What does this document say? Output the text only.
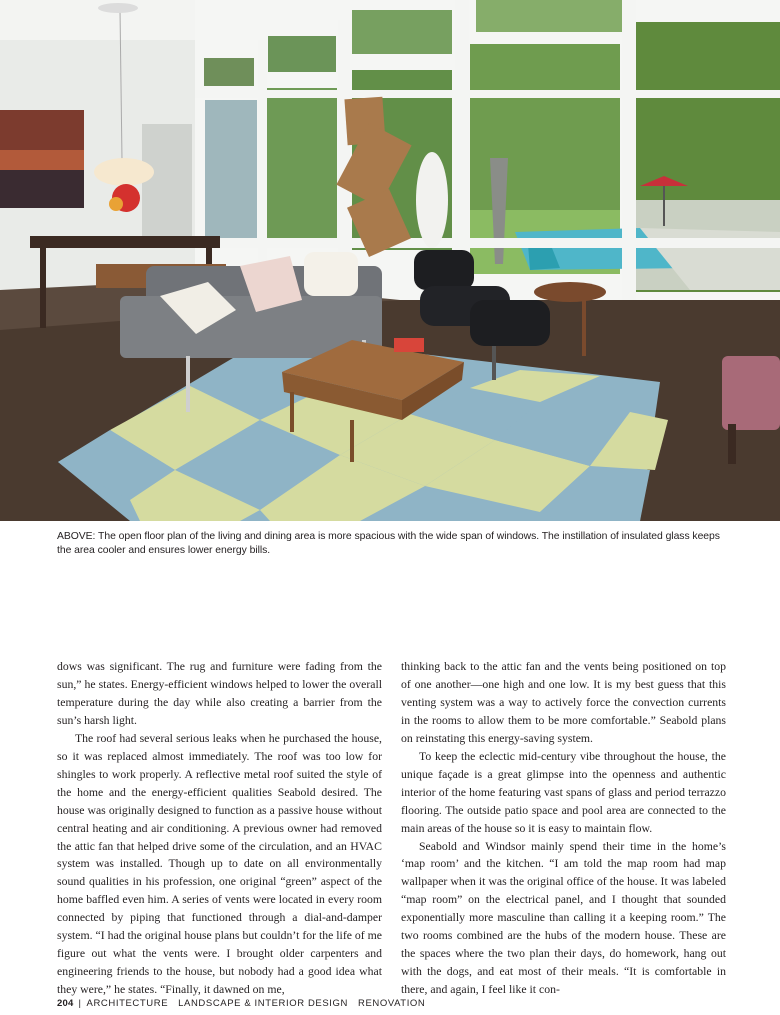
ABOVE: The open floor plan of the living and dining area is more spacious with the wide span of windows. The instillation of insulated glass keeps the area cooler and ensures lower energy bills.

dows was significant. The rug and furniture were fading from the sun,” he states. Energy-efficient windows helped to lower the overall temperature during the day while also creating a barrier from the sun’s harsh light.

The roof had several serious leaks when he purchased the house, so it was replaced almost immediately. The roof was too low for shingles to work properly. A reflective metal roof suited the style of the home and the energy-efficient qualities Seabold desired. The house was originally designed to function as a passive house without central heating and air conditioning. A previous owner had removed the attic fan that helped drive some of the circulation, and an HVAC system was installed. Though up to date on all environmentally sound qualities in his profession, one original “green” aspect of the home baffled even him. A series of vents were located in every room connected by piping that functioned through a dial-and-damper system. “I had the original house plans but couldn’t for the life of me figure out what the vents were. I brought older carpenters and engineering friends to the house, but nobody had a good idea what they were,” he states. “Finally, it dawned on me,

thinking back to the attic fan and the vents being positioned on top of one another—one high and one low. It is my best guess that this venting system was a way to actively force the convection currents in the rooms to allow them to be more comfortable.” Seabold plans on reinstating this energy-saving system.

To keep the eclectic mid-century vibe throughout the house, the unique façade is a great glimpse into the openness and authentic interior of the home featuring vast spans of glass and period terrazzo flooring. The outside patio space and pool area are connected to the main areas of the house so it is easy to maintain flow.

Seabold and Windsor mainly spend their time in the home’s ‘map room’ and the kitchen. “I am told the map room had map wallpaper when it was the original office of the house. It was labeled “map room” on the electrical panel, and I thought that sounded exponentially more masculine than calling it a keeping room.” The two rooms combined are the hubs of the modern house. These are the spaces where the two plan their days, do homework, hang out with the dogs, and eat most of their meals. “It is comfortable in there, and again, I feel like it con-

204 | ARCHITECTURE LANDSCAPE & INTERIOR DESIGN RENOVATION
